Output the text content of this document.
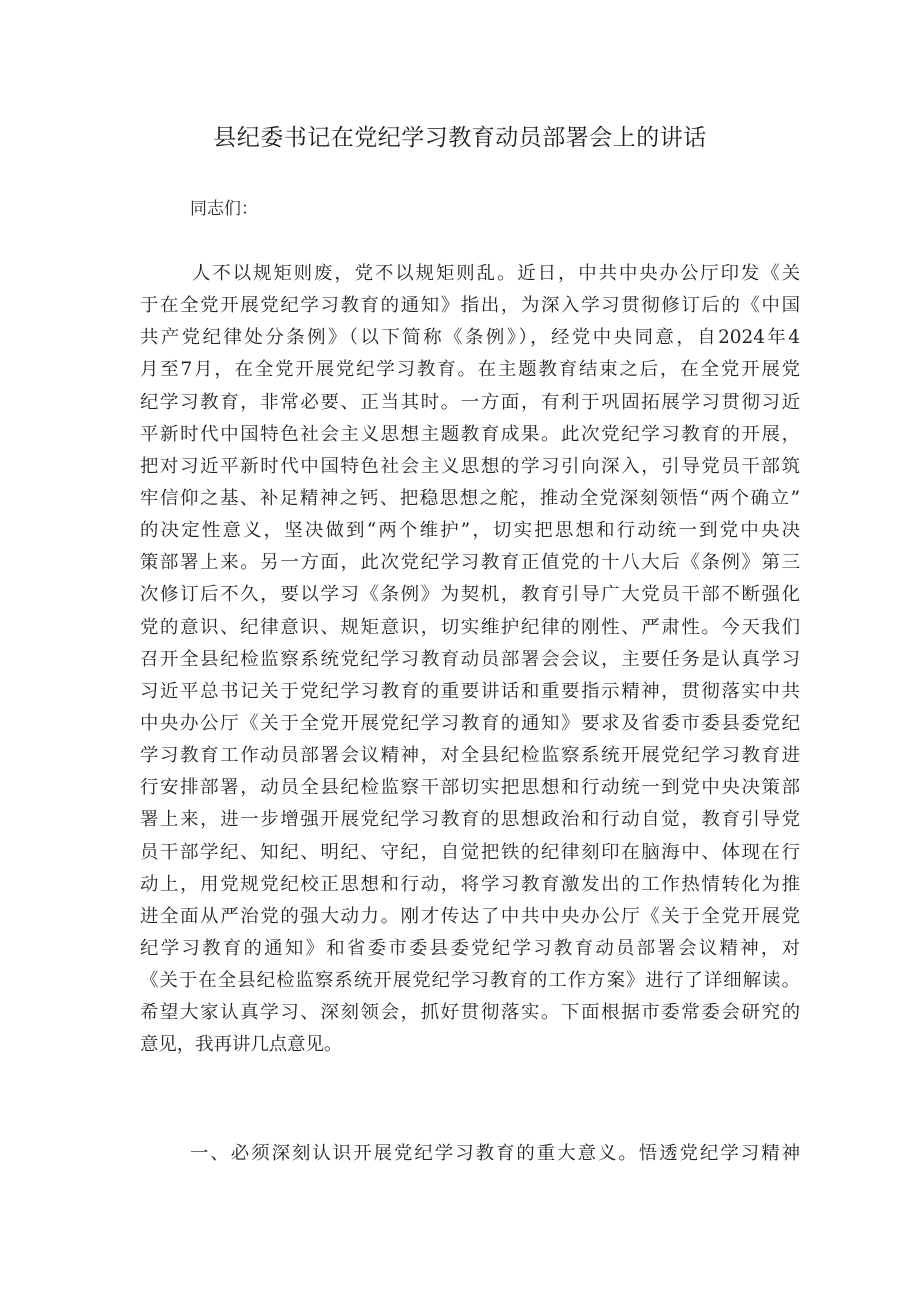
县纪委书记在党纪学习教育动员部署会上的讲话
同志们：
人不以规矩则废，党不以规矩则乱。近日，中共中央办公厅印发《关
于在全党开展党纪学习教育的通知》指出，为深入学习贯彻修订后的《中国
共产党纪律处分条例》（以下简称《条例》），经党中央同意，自2024年4
月至7月，在全党开展党纪学习教育。在主题教育结束之后，在全党开展党
纪学习教育，非常必要、正当其时。一方面，有利于巩固拓展学习贯彻习近
平新时代中国特色社会主义思想主题教育成果。此次党纪学习教育的开展，
把对习近平新时代中国特色社会主义思想的学习引向深入，引导党员干部筑
牢信仰之基、补足精神之钙、把稳思想之舵，推动全党深刻领悟“两个确立”
的决定性意义，坚决做到“两个维护”，切实把思想和行动统一到党中央决
策部署上来。另一方面，此次党纪学习教育正值党的十八大后《条例》第三
次修订后不久，要以学习《条例》为契机，教育引导广大党员干部不断强化
党的意识、纪律意识、规矩意识，切实维护纪律的刚性、严肃性。今天我们
召开全县纪检监察系统党纪学习教育动员部署会会议，主要任务是认真学习
习近平总书记关于党纪学习教育的重要讲话和重要指示精神，贯彻落实中共
中央办公厅《关于全党开展党纪学习教育的通知》要求及省委市委县委党纪
学习教育工作动员部署会议精神，对全县纪检监察系统开展党纪学习教育进
行安排部署，动员全县纪检监察干部切实把思想和行动统一到党中央决策部
署上来，进一步增强开展党纪学习教育的思想政治和行动自觉，教育引导党
员干部学纪、知纪、明纪、守纪，自觉把铁的纪律刻印在脑海中、体现在行
动上，用党规党纪校正思想和行动，将学习教育激发出的工作热情转化为推
进全面从严治党的强大动力。刚才传达了中共中央办公厅《关于全党开展党
纪学习教育的通知》和省委市委县委党纪学习教育动员部署会议精神，对
《关于在全县纪检监察系统开展党纪学习教育的工作方案》进行了详细解读。
希望大家认真学习、深刻领会，抓好贯彻落实。下面根据市委常委会研究的
意见，我再讲几点意见。
一、必须深刻认识开展党纪学习教育的重大意义。悟透党纪学习精神
